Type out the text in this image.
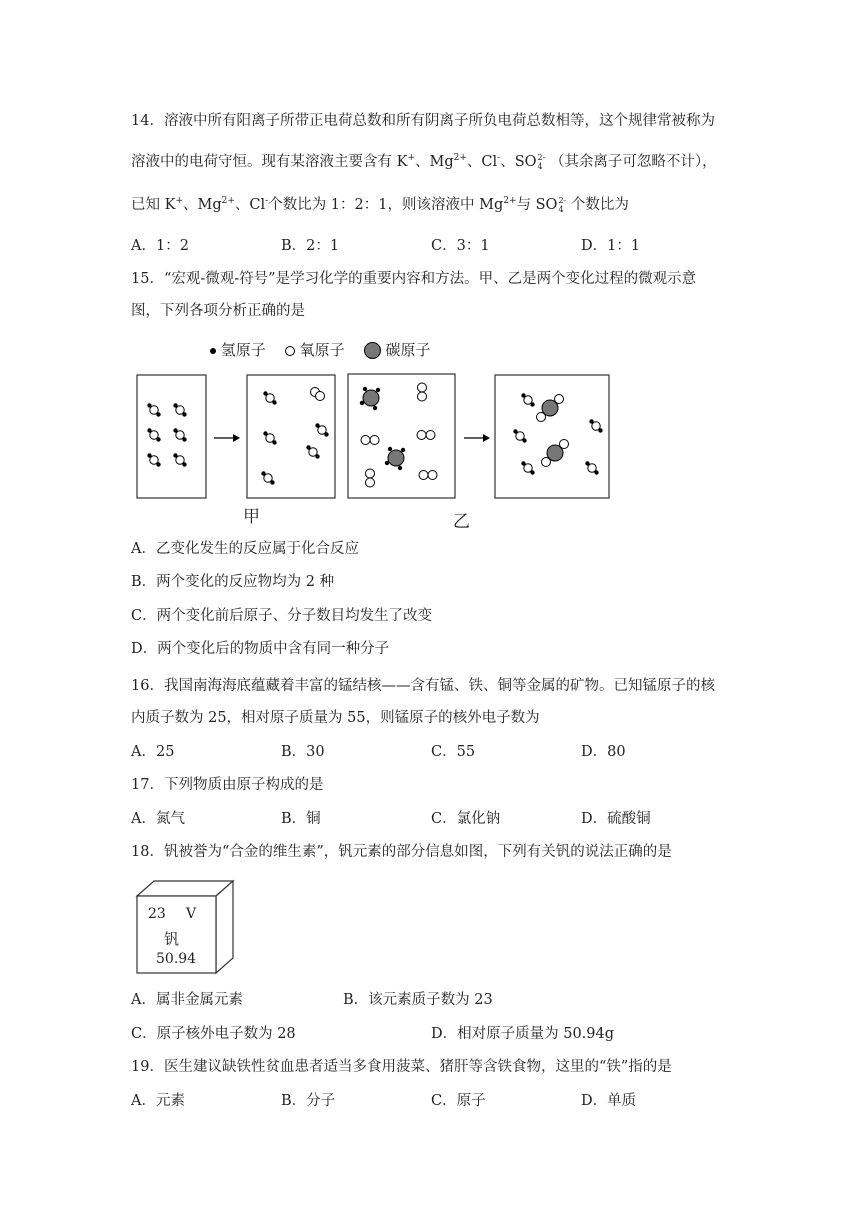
14．溶液中所有阳离子所带正电荷总数和所有阴离子所负电荷总数相等，这个规律常被称为
溶液中的电荷守恒。现有某溶液主要含有 K+、$Mg^{2+}$、Cl-、SO 2-
4 （其余离子可忽略不计），
已知 K+、$Mg^{2+}$、Cl-个数比为 1：2：1，则该溶液中 $Mg^{2+}$与 SO 2-
4 个数比为
A．1：2	B．2：1	C．3：1	D．1：1
15．“宏观-微观-符号”是学习化学的重要内容和方法。甲、乙是两个变化过程的微观示意
图，下列各项分析正确的是
氢原子 氧原子	碳原子
甲	乙
A．乙变化发生的反应属于化合反应
B．两个变化的反应物均为 2 种
C．两个变化前后原子、分子数目均发生了改变
D．两个变化后的物质中含有同一种分子
16．我国南海海底蕴藏着丰富的锰结核——含有锰、铁、铜等金属的矿物。已知锰原子的核
内质子数为 25，相对原子质量为 55，则锰原子的核外电子数为
A．25	B．30	C．55	D．80
17．下列物质由原子构成的是
A．氮气	B．铜	C．氯化钠	D．硫酸铜
18．钒被誉为“合金的维生素”，钒元素的部分信息如图，下列有关钒的说法正确的是
23 V
钒
50.94
A．属非金属元素	B．该元素质子数为 23
C．原子核外电子数为 28	D．相对原子质量为 50.94g
19．医生建议缺铁性贫血患者适当多食用菠菜、猪肝等含铁食物，这里的“铁”指的是
A．元素	B．分子	C．原子	D．单质
